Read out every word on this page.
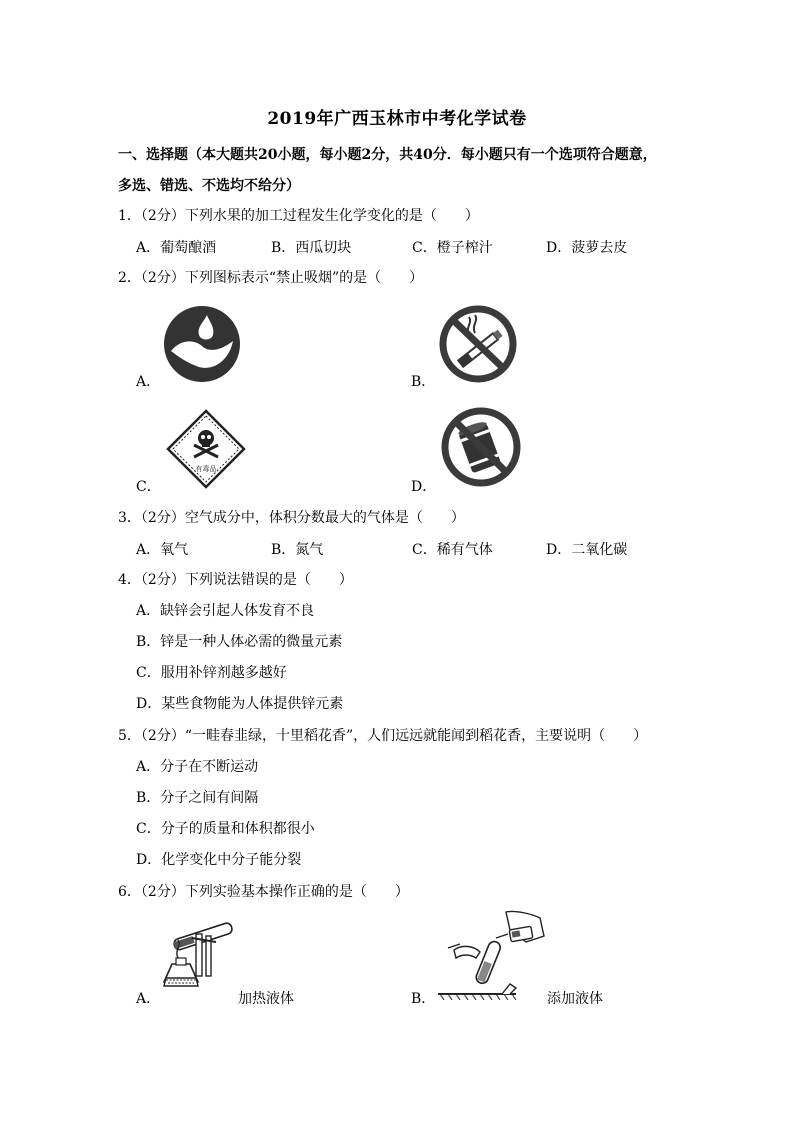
2019年广西玉林市中考化学试卷
一、选择题（本大题共20小题，每小题2分，共40分．每小题只有一个选项符合题意，
多选、错选、不选均不给分）
1．（2分）下列水果的加工过程发生化学变化的是（　　）
A．葡萄酿酒	B．西瓜切块	C．橙子榨汁	D．菠萝去皮
2．（2分）下列图标表示“禁止吸烟”的是（　　）
A．	B．
有毒品
C．	D．
3．（2分）空气成分中，体积分数最大的气体是（　　）
A．氧气	B．氮气	C．稀有气体	D．二氧化碳
4．（2分）下列说法错误的是（　　）
A．缺锌会引起人体发育不良
B．锌是一种人体必需的微量元素
C．服用补锌剂越多越好
D．某些食物能为人体提供锌元素
5．（2分）“一畦春韭绿，十里稻花香”，人们远远就能闻到稻花香，主要说明（　　）
A．分子在不断运动
B．分子之间有间隔
C．分子的质量和体积都很小
D．化学变化中分子能分裂
6．（2分）下列实验基本操作正确的是（　　）
A．	加热液体	B．	添加液体
